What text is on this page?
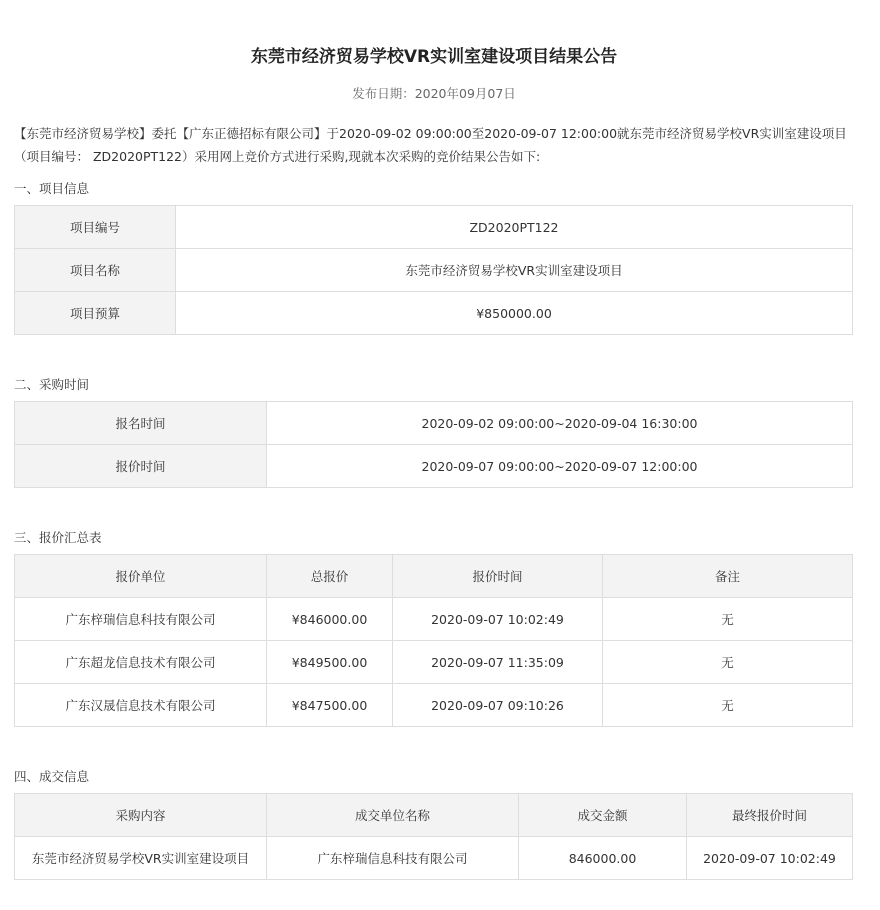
东莞市经济贸易学校VR实训室建设项目结果公告
发布日期：2020年09月07日
【东莞市经济贸易学校】委托【广东正德招标有限公司】于2020-09-02 09:00:00至2020-09-07 12:00:00就东莞市经济贸易学校VR实训室建设项目（项目编号： ZD2020PT122）采用网上竞价方式进行采购,现就本次采购的竞价结果公告如下:
一、项目信息
项目编号	ZD2020PT122
项目名称	东莞市经济贸易学校VR实训室建设项目
项目预算	¥850000.00
二、采购时间
报名时间	2020-09-02 09:00:00~2020-09-04 16:30:00
报价时间	2020-09-07 09:00:00~2020-09-07 12:00:00
三、报价汇总表
报价单位	总报价	报价时间	备注
广东梓瑞信息科技有限公司	¥846000.00	2020-09-07 10:02:49	无
广东超龙信息技术有限公司	¥849500.00	2020-09-07 11:35:09	无
广东汉晟信息技术有限公司	¥847500.00	2020-09-07 09:10:26	无
四、成交信息
采购内容	成交单位名称	成交金额	最终报价时间
东莞市经济贸易学校VR实训室建设项目	广东梓瑞信息科技有限公司	846000.00	2020-09-07 10:02:49
